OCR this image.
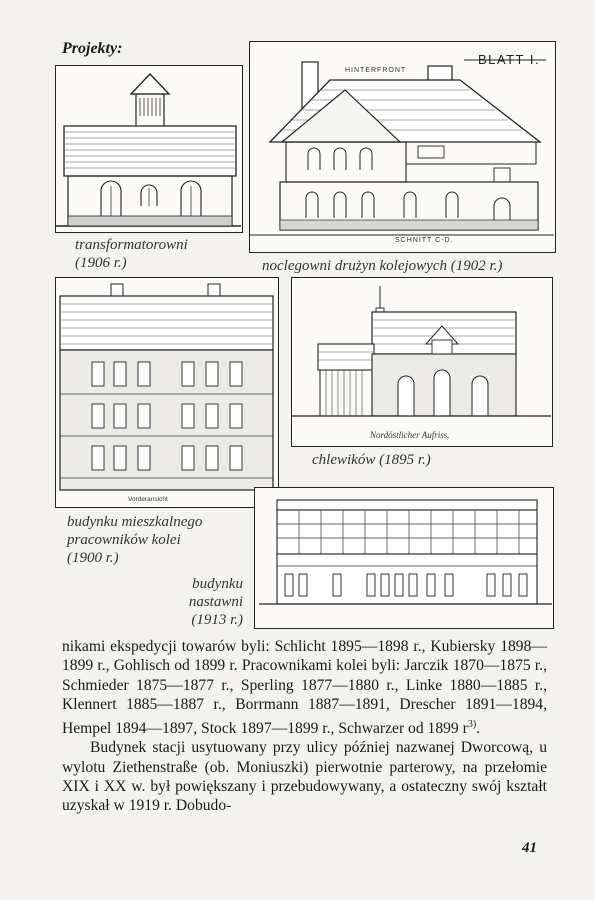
Projekty:
transformatorowni
(1906 r.)
HINTERFRONT
BLATT I.
SCHNITT C-D.
noclegowni drużyn kolejowych (1902 r.)
Vorderansicht
budynku mieszkalnego
pracowników kolei
(1900 r.)
Nordöstlicher Aufriss.
chlewików (1895 r.)
budynku
nastawni
(1913 r.)

nikami ekspedycji towarów byli: Schlicht 1895—1898 r., Kubiersky 1898—1899 r., Gohlisch od 1899 r. Pracownikami kolei byli: Jarczik 1870—1875 r., Schmieder 1875—1877 r., Sperling 1877—1880 r., Linke 1880—1885 r., Klennert 1885—1887 r., Borrmann 1887—1891, Drescher 1891—1894, Hempel 1894—1897, Stock 1897—1899 r., Schwarzer od 1899 $r^{3)}$.

Budynek stacji usytuowany przy ulicy później nazwanej Dworcową, u wylotu Ziethenstraße (ob. Moniuszki) pierwotnie parterowy, na przełomie XIX i XX w. był powiększany i przebudowywany, a ostateczny swój kształt uzyskał w 1919 r. Dobudo-

41
